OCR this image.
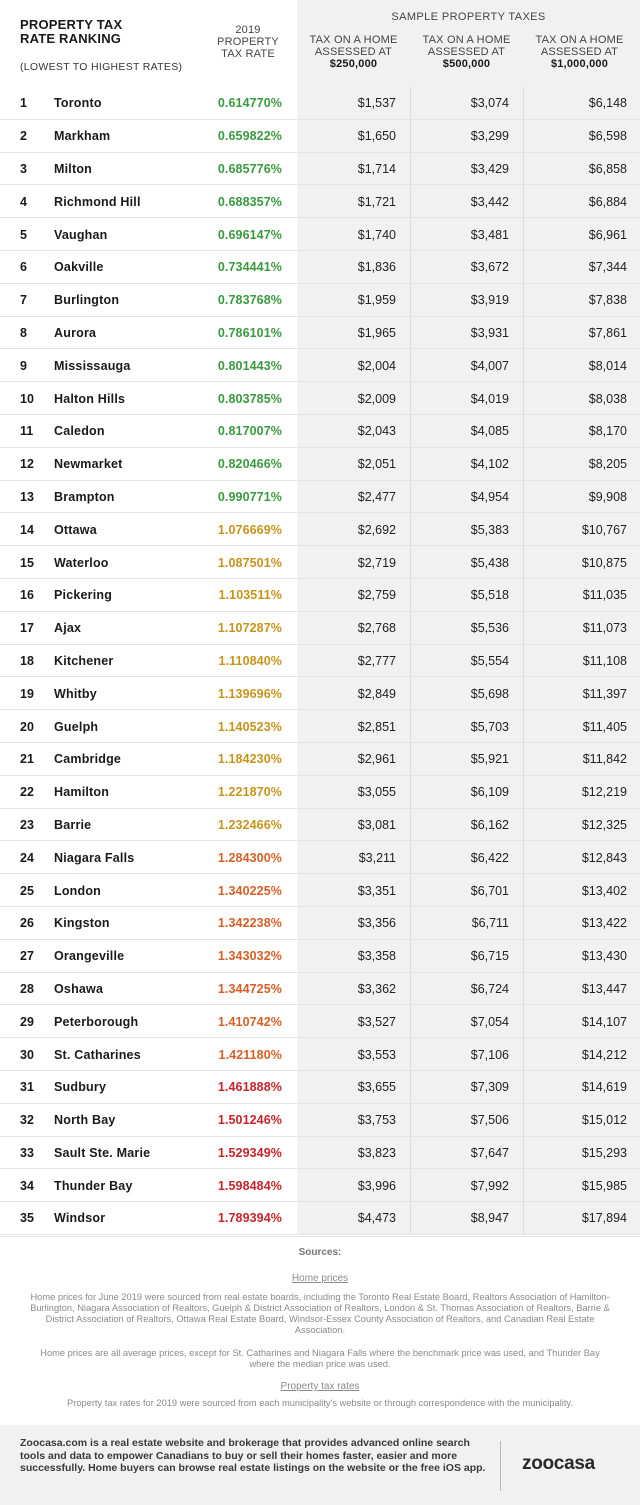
PROPERTY TAX
RATE RANKING
(LOWEST TO HIGHEST RATES)
2019
PROPERTY
TAX RATE
SAMPLE PROPERTY TAXES
TAX ON A HOME
ASSESSED AT
$250,000
TAX ON A HOME
ASSESSED AT
$500,000
TAX ON A HOME
ASSESSED AT
$1,000,000
1	Toronto	0.614770%	$1,537	$3,074	$6,148
2	Markham	0.659822%	$1,650	$3,299	$6,598
3	Milton	0.685776%	$1,714	$3,429	$6,858
4	Richmond Hill	0.688357%	$1,721	$3,442	$6,884
5	Vaughan	0.696147%	$1,740	$3,481	$6,961
6	Oakville	0.734441%	$1,836	$3,672	$7,344
7	Burlington	0.783768%	$1,959	$3,919	$7,838
8	Aurora	0.786101%	$1,965	$3,931	$7,861
9	Mississauga	0.801443%	$2,004	$4,007	$8,014
10	Halton Hills	0.803785%	$2,009	$4,019	$8,038
11	Caledon	0.817007%	$2,043	$4,085	$8,170
12	Newmarket	0.820466%	$2,051	$4,102	$8,205
13	Brampton	0.990771%	$2,477	$4,954	$9,908
14	Ottawa	1.076669%	$2,692	$5,383	$10,767
15	Waterloo	1.087501%	$2,719	$5,438	$10,875
16	Pickering	1.103511%	$2,759	$5,518	$11,035
17	Ajax	1.107287%	$2,768	$5,536	$11,073
18	Kitchener	1.110840%	$2,777	$5,554	$11,108
19	Whitby	1.139696%	$2,849	$5,698	$11,397
20	Guelph	1.140523%	$2,851	$5,703	$11,405
21	Cambridge	1.184230%	$2,961	$5,921	$11,842
22	Hamilton	1.221870%	$3,055	$6,109	$12,219
23	Barrie	1.232466%	$3,081	$6,162	$12,325
24	Niagara Falls	1.284300%	$3,211	$6,422	$12,843
25	London	1.340225%	$3,351	$6,701	$13,402
26	Kingston	1.342238%	$3,356	$6,711	$13,422
27	Orangeville	1.343032%	$3,358	$6,715	$13,430
28	Oshawa	1.344725%	$3,362	$6,724	$13,447
29	Peterborough	1.410742%	$3,527	$7,054	$14,107
30	St. Catharines	1.421180%	$3,553	$7,106	$14,212
31	Sudbury	1.461888%	$3,655	$7,309	$14,619
32	North Bay	1.501246%	$3,753	$7,506	$15,012
33	Sault Ste. Marie	1.529349%	$3,823	$7,647	$15,293
34	Thunder Bay	1.598484%	$3,996	$7,992	$15,985
35	Windsor	1.789394%	$4,473	$8,947	$17,894
Sources:
Home prices
Home prices for June 2019 were sourced from real estate boards, including the Toronto Real Estate Board, Realtors Association of Hamilton-Burlington, Niagara Association of Realtors, Guelph & District Association of Realtors, London & St. Thomas Association of Realtors, Barrie & District Association of Realtors, Ottawa Real Estate Board, Windsor-Essex County Association of Realtors, and Canadian Real Estate Association.
Home prices are all average prices, except for St. Catharines and Niagara Falls where the benchmark price was used, and Thunder Bay where the median price was used.
Property tax rates
Property tax rates for 2019 were sourced from each municipality's website or through correspondence with the municipality.
Zoocasa.com is a real estate website and brokerage that provides advanced online search tools and data to empower Canadians to buy or sell their homes faster, easier and more successfully. Home buyers can browse real estate listings on the website or the free iOS app. zoocasa
